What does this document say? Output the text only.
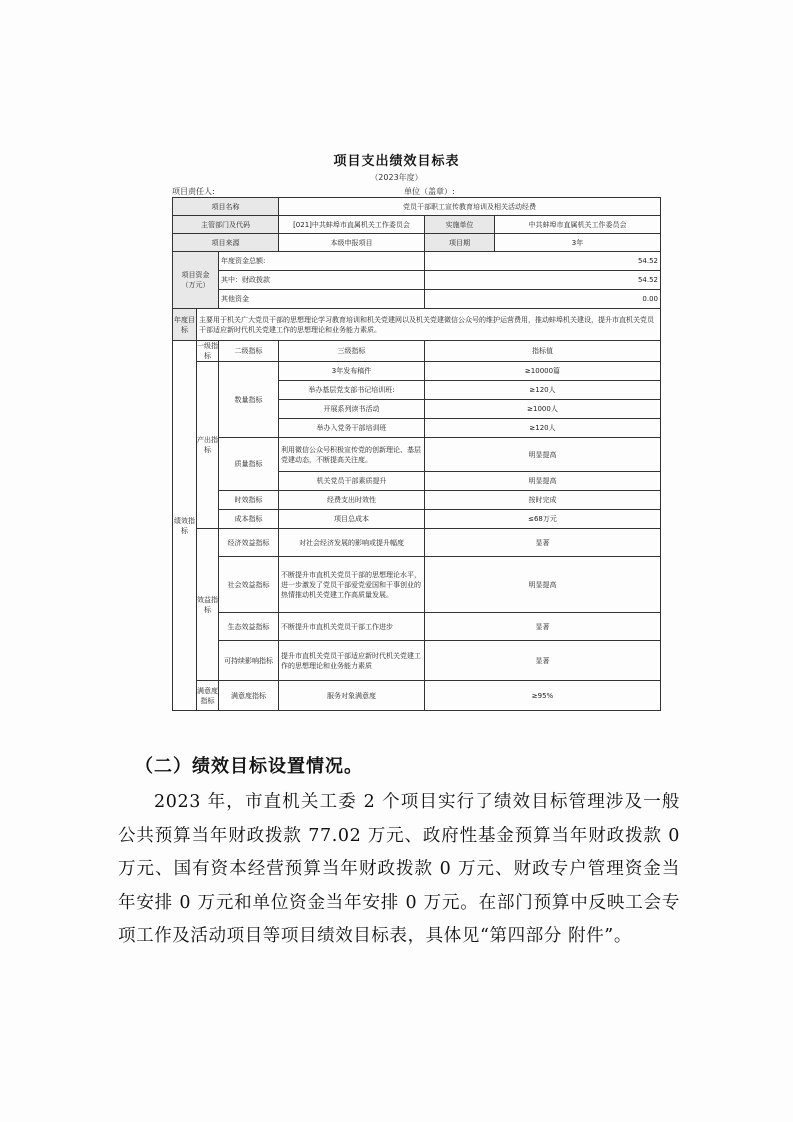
项目支出绩效目标表
（2023年度）
项目责任人:	单位（盖章）:
项目名称			党员干部职工宣传教育培训及相关活动经费		
主管部门及代码			[021]中共蚌埠市直属机关工作委员会	实施单位	中共蚌埠市直属机关工作委员会
项目来源			本级申报项目	项目期	3年
项目资金（万元）		年度资金总额:		54.52	
		其中：财政拨款		54.52	
		其他资金		0.00	
年度目标	主要用于机关广大党员干部的思想理论学习教育培训和机关党建网以及机关党建微信公众号的维护运营费用，推动蚌埠机关建设，提升市直机关党员干部适应新时代机关党建工作的思想理论和业务能力素质。				
绩效指标	一级指标	二级指标	三级指标	指标值	
	产出指标	数量指标	3年发布稿件	≥10000篇	
			举办基层党支部书记培训班:	≥120人	
			开展系列读书活动	≥1000人	
			举办入党务干部培训班	≥120人	
		质量指标	利用微信公众号积极宣传党的创新理论、基层党建动态，不断提高关注度。	明显提高	
			机关党员干部素质提升	明显提高	
		时效指标	经费支出时效性	按时完成	
		成本指标	项目总成本	≤68万元	
	效益指标	经济效益指标	对社会经济发展的影响或提升幅度	显著	
		社会效益指标	不断提升市直机关党员干部的思想理论水平，进一步激发了党员干部爱党爱国和干事创业的热情推动机关党建工作高质量发展。	明显提高	
		生态效益指标	不断提升市直机关党员干部工作进步	显著	
		可持续影响指标	提升市直机关党员干部适应新时代机关党建工作的思想理论和业务能力素质	显著	
	满意度指标	满意度指标	服务对象满意度	≥95%	
（二）绩效目标设置情况。
2023 年，市直机关工委 2 个项目实行了绩效目标管理涉及一般公共预算当年财政拨款 77.02 万元、政府性基金预算当年财政拨款 0 万元、国有资本经营预算当年财政拨款 0 万元、财政专户管理资金当年安排 0 万元和单位资金当年安排 0 万元。在部门预算中反映工会专项工作及活动项目等项目绩效目标表，具体见“第四部分 附件”。
